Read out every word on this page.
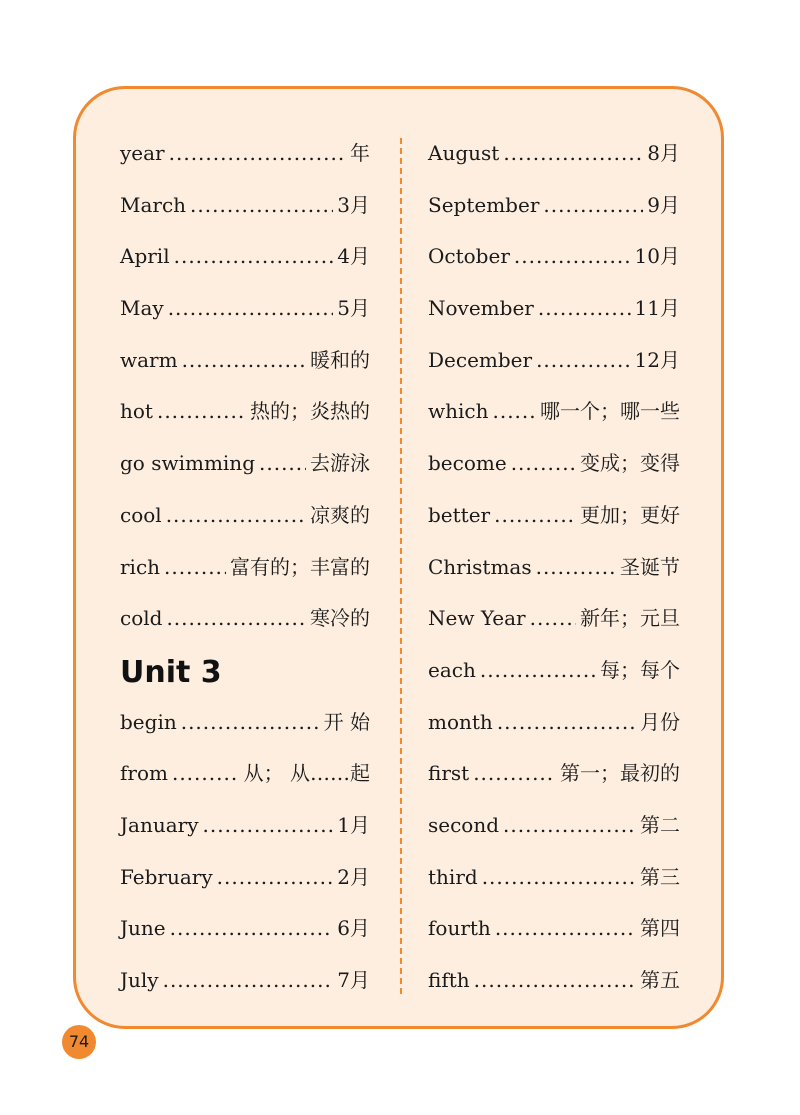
year .....	年
March .....	3月
April .....	4月
May .....	5月
warm .....	暖和的
hot .....	热的；炎热的
go swimming .....	去游泳
cool .....	凉爽的
rich .....	富有的；丰富的
cold .....	寒冷的
Unit 3
begin .....	开 始
from .....	从； 从……起
January .....	1月
February .....	2月
June .....	6月
July .....	7月
August .....	8月
September .....	9月
October .....	10月
November .....	11月
December .....	12月
which .....	哪一个；哪一些
become .....	变成；变得
better .....	更加；更好
Christmas .....	圣诞节
New Year .....	新年；元旦
each .....	每；每个
month .....	月份
first .....	第一；最初的
second .....	第二
third .....	第三
fourth .....	第四
fifth .....	第五
74
